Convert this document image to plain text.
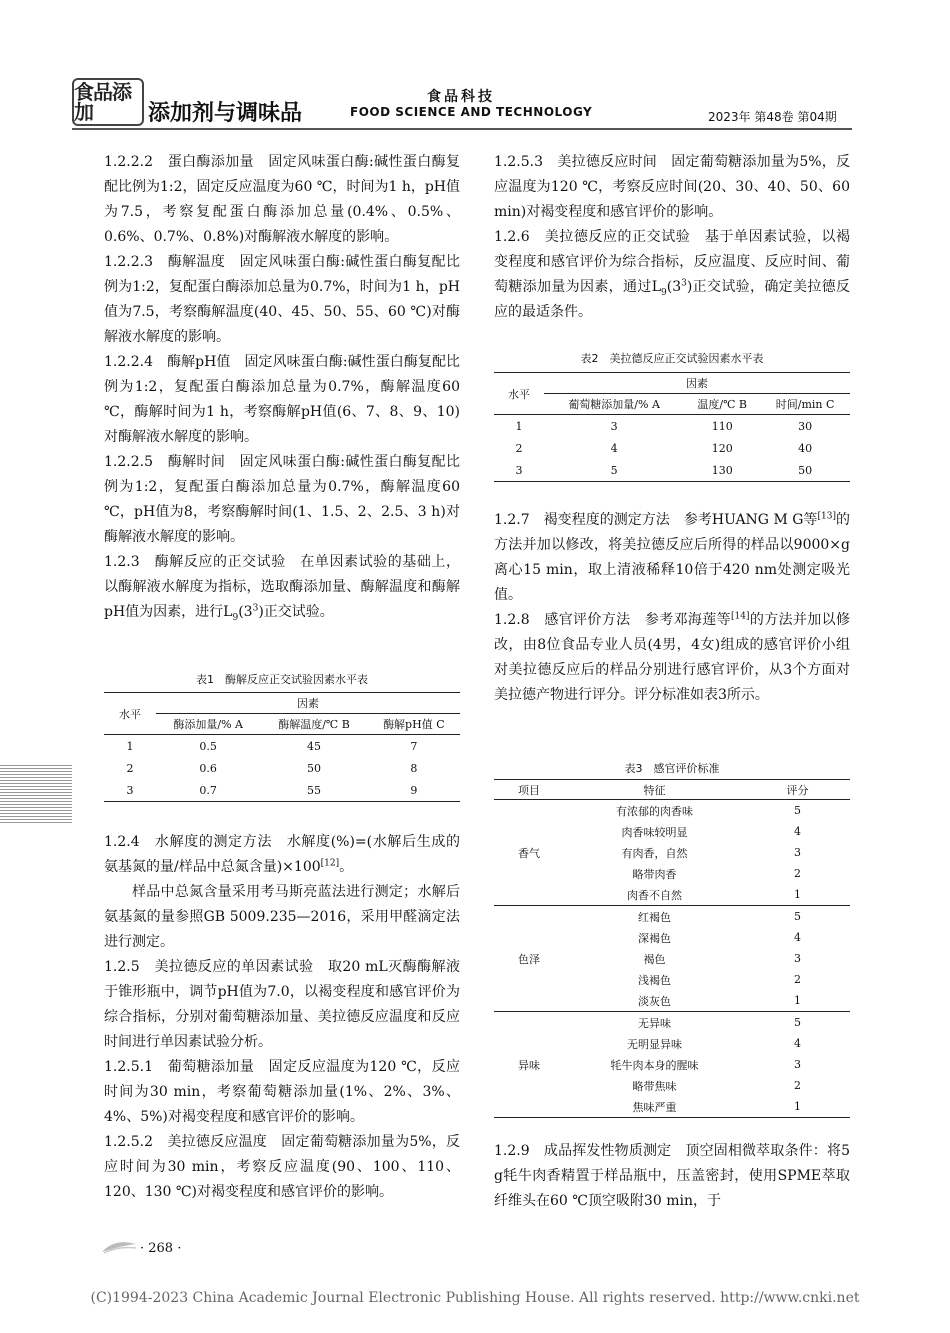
食品添加	添加剂与调味品
食品科技
FOOD SCIENCE AND TECHNOLOGY	2023年 第48卷 第04期
1.2.2.2　蛋白酶添加量　固定风味蛋白酶:碱性蛋白酶复配比例为1:2，固定反应温度为60 ℃，时间为1 h，pH值为7.5，考察复配蛋白酶添加总量(0.4%、0.5%、0.6%、0.7%、0.8%)对酶解液水解度的影响。
1.2.2.3　酶解温度　固定风味蛋白酶:碱性蛋白酶复配比例为1:2，复配蛋白酶添加总量为0.7%，时间为1 h，pH值为7.5，考察酶解温度(40、45、50、55、60 ℃)对酶解液水解度的影响。
1.2.2.4　酶解pH值　固定风味蛋白酶:碱性蛋白酶复配比例为1:2，复配蛋白酶添加总量为0.7%，酶解温度60 ℃，酶解时间为1 h，考察酶解pH值(6、7、8、9、10)对酶解液水解度的影响。
1.2.2.5　酶解时间　固定风味蛋白酶:碱性蛋白酶复配比例为1:2，复配蛋白酶添加总量为0.7%，酶解温度60 ℃，pH值为8，考察酶解时间(1、1.5、2、2.5、3 h)对酶解液水解度的影响。
1.2.3　酶解反应的正交试验　在单因素试验的基础上，以酶解液水解度为指标，选取酶添加量、酶解温度和酶解pH值为因素，进行$L_9(3^3)$正交试验。
表1　酶解反应正交试验因素水平表
水平	因素		
	酶添加量/% A	酶解温度/℃ B	酶解pH值 C
1	0.5	45	7
2	0.6	50	8
3	0.7	55	9
1.2.4　水解度的测定方法　水解度(%)=(水解后生成的氨基氮的量/样品中总氮含量)×100[12]。
样品中总氮含量采用考马斯亮蓝法进行测定；水解后氨基氮的量参照GB 5009.235—2016，采用甲醛滴定法进行测定。
1.2.5　美拉德反应的单因素试验　取20 mL灭酶酶解液于锥形瓶中，调节pH值为7.0，以褐变程度和感官评价为综合指标，分别对葡萄糖添加量、美拉德反应温度和反应时间进行单因素试验分析。
1.2.5.1　葡萄糖添加量　固定反应温度为120 ℃，反应时间为30 min，考察葡萄糖添加量(1%、2%、3%、4%、5%)对褐变程度和感官评价的影响。
1.2.5.2　美拉德反应温度　固定葡萄糖添加量为5%，反应时间为30 min，考察反应温度(90、100、110、120、130 ℃)对褐变程度和感官评价的影响。
1.2.5.3　美拉德反应时间　固定葡萄糖添加量为5%，反应温度为120 ℃，考察反应时间(20、30、40、50、60 min)对褐变程度和感官评价的影响。
1.2.6　美拉德反应的正交试验　基于单因素试验，以褐变程度和感官评价为综合指标，反应温度、反应时间、葡萄糖添加量为因素，通过$L_9(3^3)$正交试验，确定美拉德反应的最适条件。
表2　美拉德反应正交试验因素水平表
水平	因素		
	葡萄糖添加量/% A	温度/℃ B	时间/min C
1	3	110	30
2	4	120	40
3	5	130	50
1.2.7　褐变程度的测定方法　参考HUANG M G等[13]的方法并加以修改，将美拉德反应后所得的样品以9000×g离心15 min，取上清液稀释10倍于420 nm处测定吸光值。
1.2.8　感官评价方法　参考邓海莲等[14]的方法并加以修改，由8位食品专业人员(4男，4女)组成的感官评价小组对美拉德反应后的样品分别进行感官评价，从3个方面对美拉德产物进行评分。评分标准如表3所示。
表3　感官评价标准
项目	特征	评分
香气	有浓郁的肉香味	5
	肉香味较明显	4
	有肉香，自然	3
	略带肉香	2
	肉香不自然	1
色泽	红褐色	5
	深褐色	4
	褐色	3
	浅褐色	2
	淡灰色	1
异味	无异味	5
	无明显异味	4
	牦牛肉本身的腥味	3
	略带焦味	2
	焦味严重	1
1.2.9　成品挥发性物质测定　顶空固相微萃取条件：将5 g牦牛肉香精置于样品瓶中，压盖密封，使用SPME萃取纤维头在60 ℃顶空吸附30 min，于
· 268 ·
(C)1994-2023 China Academic Journal Electronic Publishing House. All rights reserved. http://www.cnki.net
